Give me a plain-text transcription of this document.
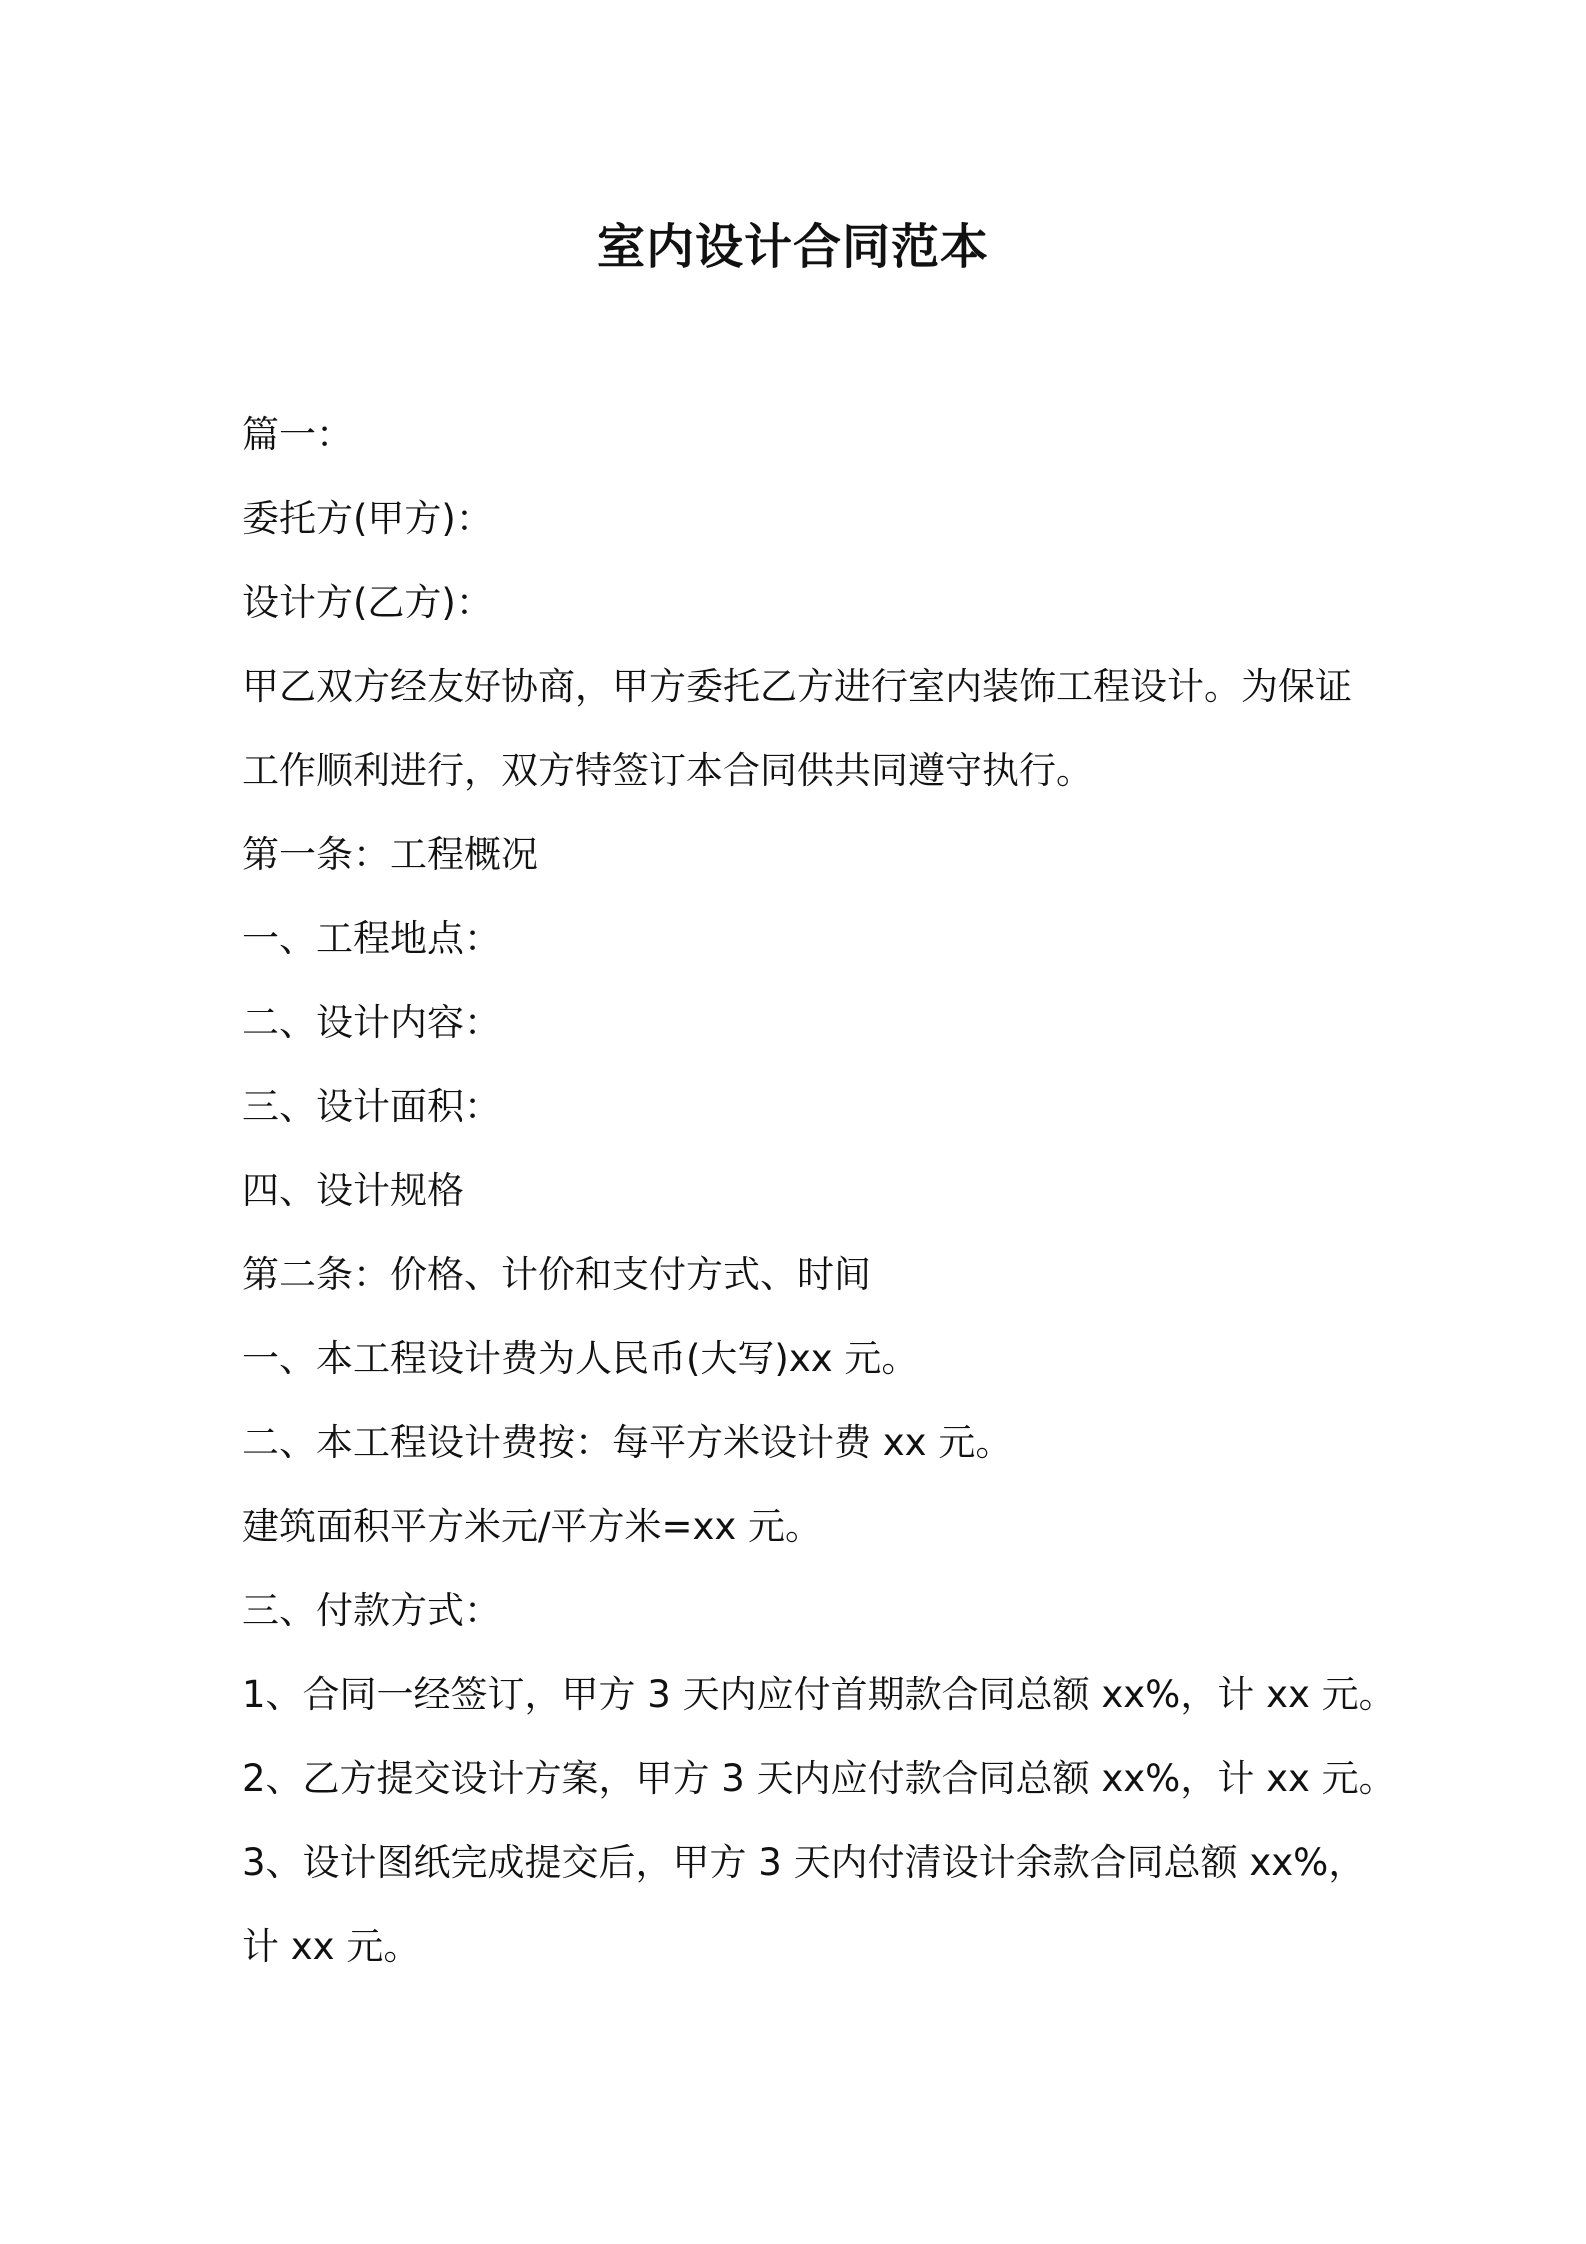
室内设计合同范本
篇一：
委托方(甲方)：
设计方(乙方)：
甲乙双方经友好协商，甲方委托乙方进行室内装饰工程设计。为保证
工作顺利进行，双方特签订本合同供共同遵守执行。
第一条：工程概况
一、工程地点：
二、设计内容：
三、设计面积：
四、设计规格
第二条：价格、计价和支付方式、时间
一、本工程设计费为人民币(大写)xx 元。
二、本工程设计费按：每平方米设计费 xx 元。
建筑面积平方米元/平方米=xx 元。
三、付款方式：
1、合同一经签订，甲方 3 天内应付首期款合同总额 xx%，计 xx 元。
2、乙方提交设计方案，甲方 3 天内应付款合同总额 xx%，计 xx 元。
3、设计图纸完成提交后，甲方 3 天内付清设计余款合同总额 xx%，
计 xx 元。
